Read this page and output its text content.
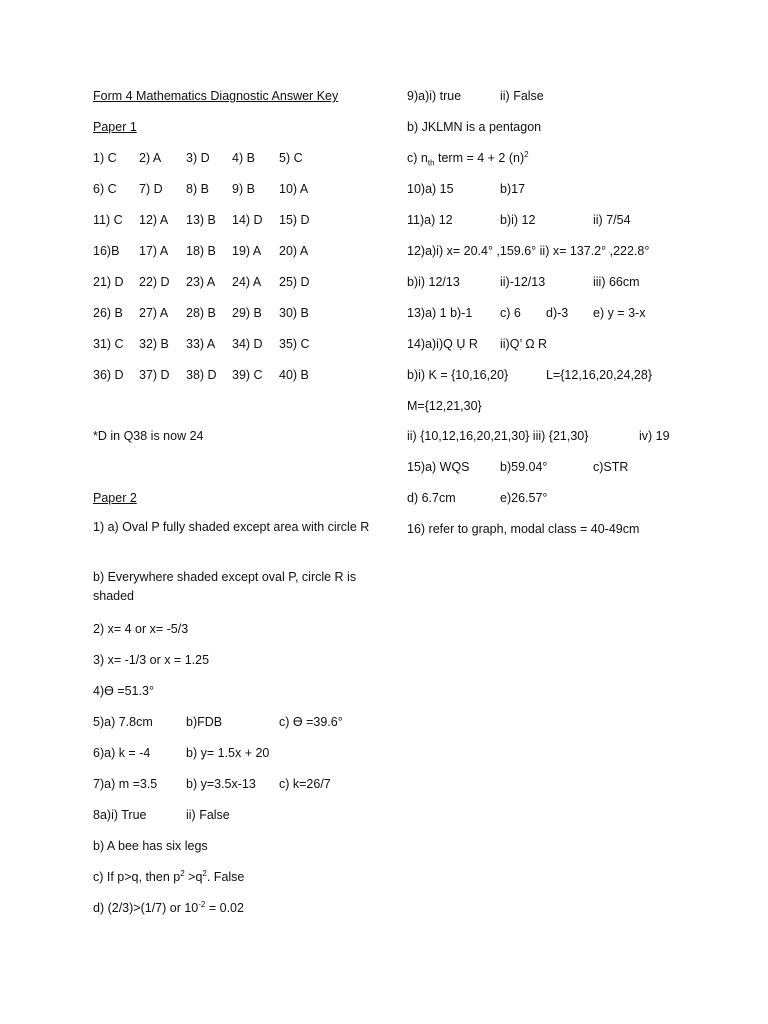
Form 4 Mathematics Diagnostic Answer Key
Paper 1
1) C 2) A 3) D 4) B 5) C
6) C 7) D 8) B 9) B 10) A
11) C 12) A 13) B 14) D 15) D
16)B 17) A 18) B 19) A 20) A
21) D 22) D 23) A 24) A 25) D
26) B 27) A 28) B 29) B 30) B
31) C 32) B 33) A 34) D 35) C
36) D 37) D 38) D 39) C 40) B
*D in Q38 is now 24
Paper 2
1) a) Oval P fully shaded except area with circle R
b) Everywhere shaded except oval P, circle R is shaded
2) x= 4 or x= -5/3
3) x= -1/3 or x = 1.25
4)Ɵ =51.3°
5)a) 7.8cm	b)FDB	c) Ɵ =39.6°
6)a) k = -4	b) y= 1.5x + 20
7)a) m =3.5 b) y=3.5x-13 c) k=26/7
8a)i) True	ii) False
b) A bee has six legs
c) If p>q, then $p^2 >q^2$. False
d) (2/3)>(1/7) or $10^{-2} = 0.02$
9)a)i) true	ii) False
b) JKLMN is a pentagon
c) $n_{th}$ term = 4 + 2 $(n)^2$
10)a) 15	b)17
11)a) 12	b)i) 12	ii) 7/54
12)a)i) x= 20.4° ,159.6° ii) x= 137.2° ,222.8°
b)i) 12/13	ii)-12/13	iii) 66cm
13)a) 1 b)-1 c) 6 d)-3 e) y = 3-x
14)a)i)Q Ụ R ii)Q’ Ω R
b)i) K = {10,16,20}	L={12,16,20,24,28}
M={12,21,30}
ii) {10,12,16,20,21,30} iii) {21,30}	iv) 19
15)a) WQS b)59.04°	c)STR
d) 6.7cm	e)26.57°
16) refer to graph, modal class = 40-49cm
